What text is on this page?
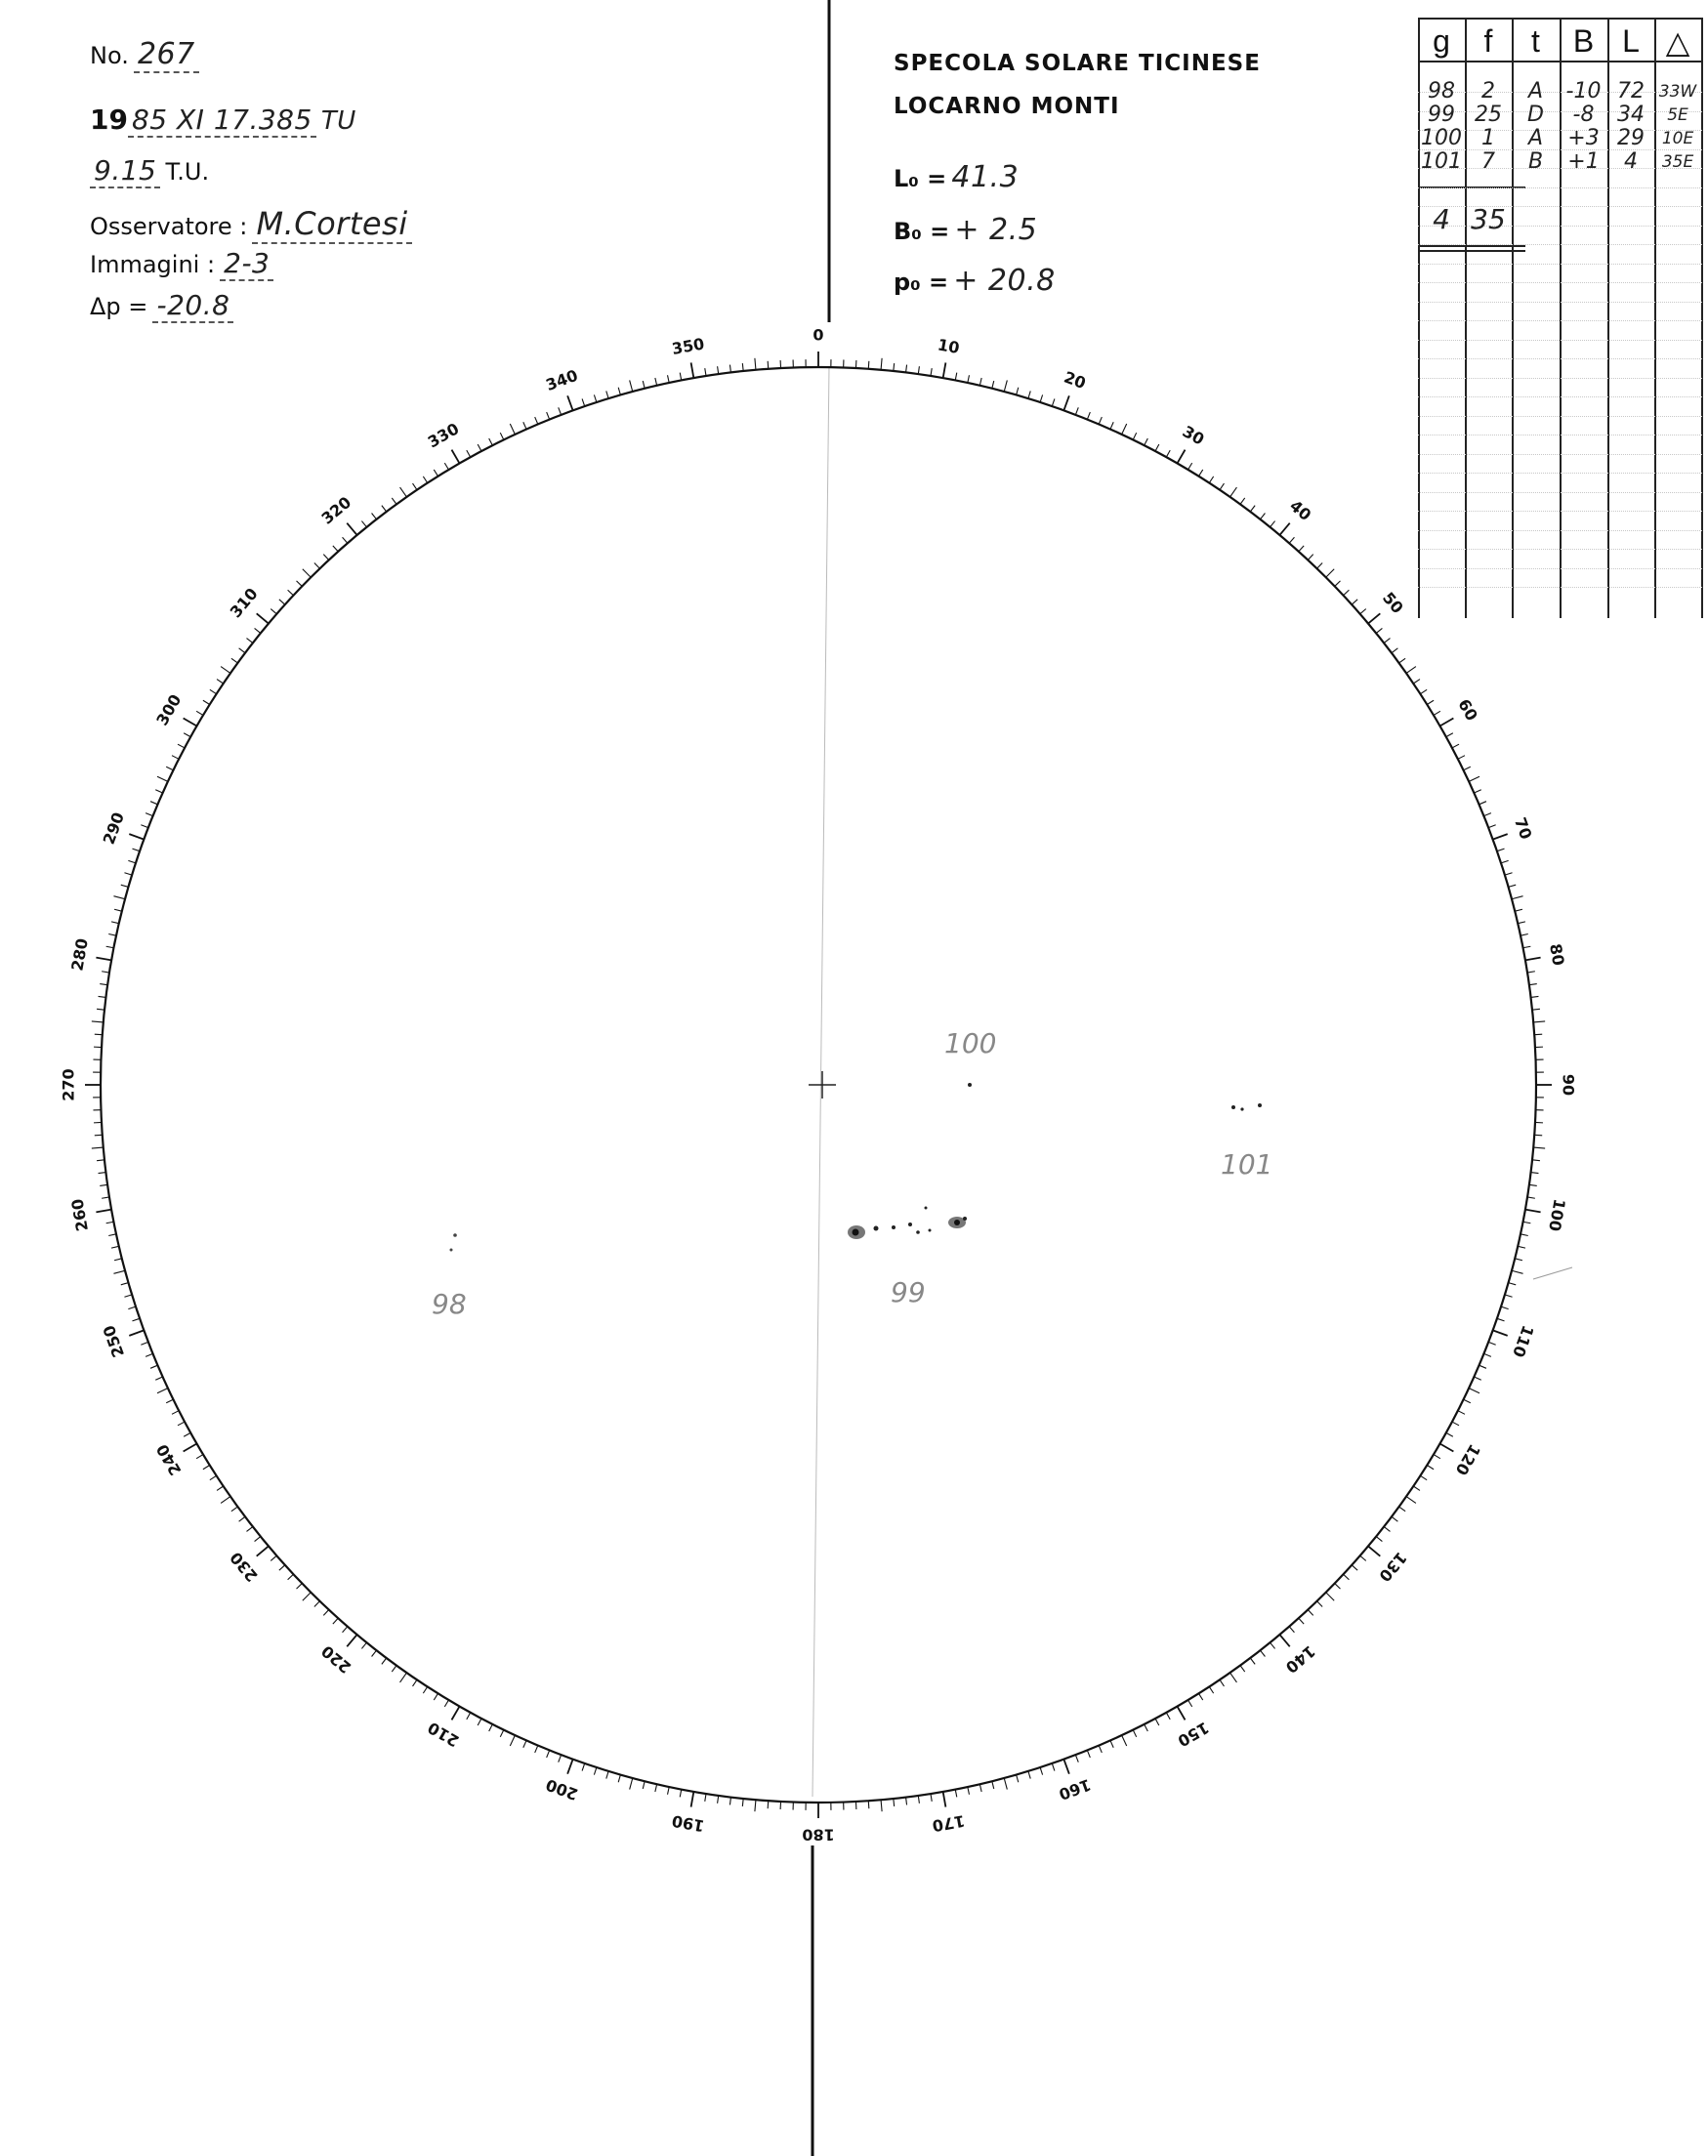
No. 267
19 85 XI 17.385 TU
9.15 T.U.
Osservatore : M.Cortesi
Immagini : 2-3
Δp = -20.8
SPECOLA SOLARE TICINESE
LOCARNO MONTI
L₀ = 41.3
B₀ = + 2.5
p₀ = + 20.8
g	f	t	B L △
98	2	A	-10 72 33W
99 25	D	-8	34	5E
100 1	A	+3 29	10E
101 7	B	+1	4	35E
4 35
0
10
20
30
40
50
60
70
80
90
100
110
120
130
140
150
160
170
180
190
200
210
220
230
240
250
260
270
280
290
300
310
320
330
340
350
98	99
100
101
